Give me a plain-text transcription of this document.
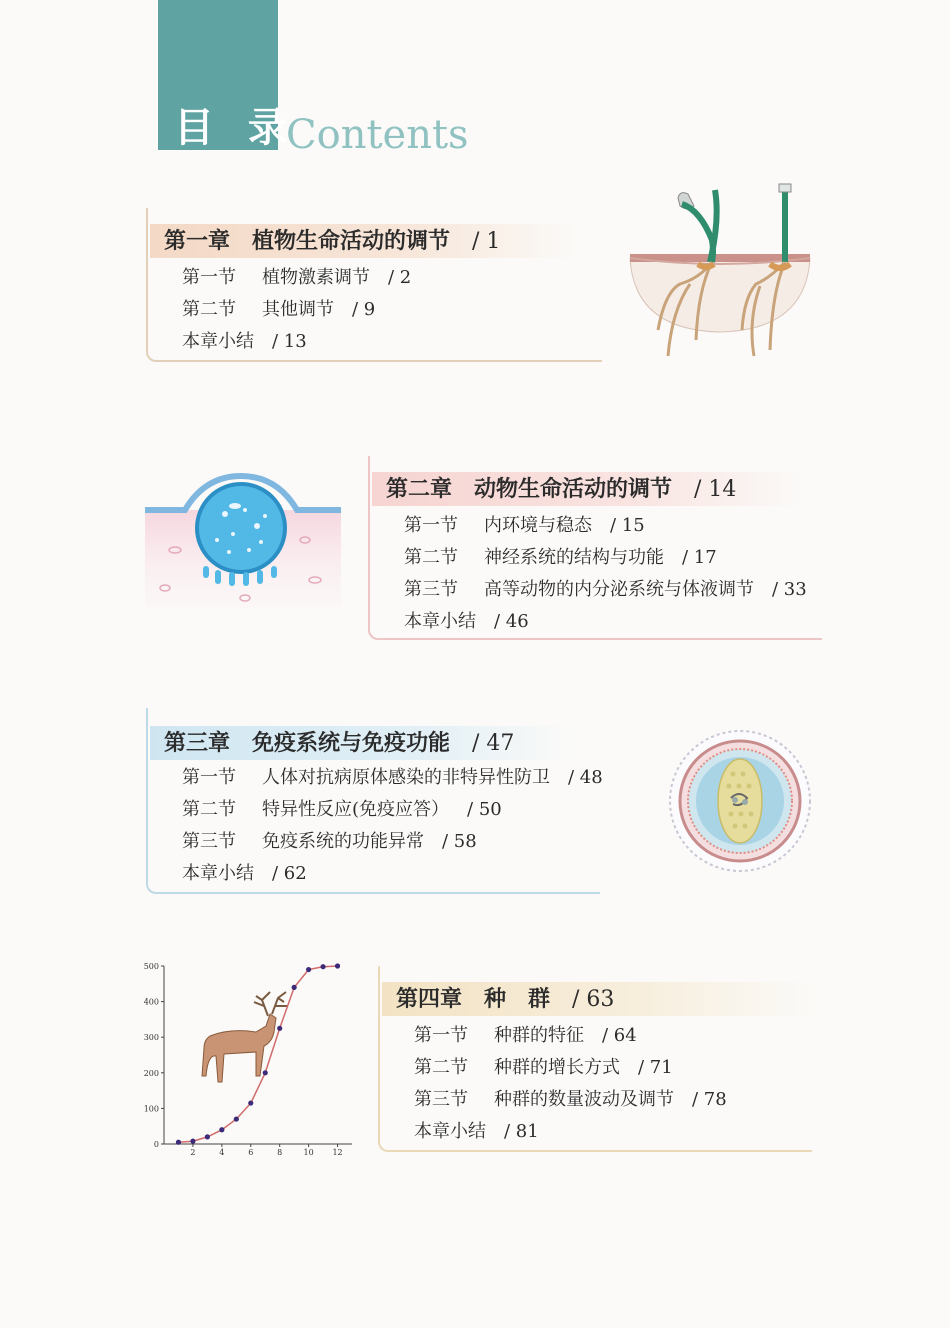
目 录
Contents
第一章　植物生命活动的调节 / 1
第一节 植物激素调节 / 2
第二节 其他调节 / 9
本章小结 / 13
第二章　动物生命活动的调节 / 14
第一节 内环境与稳态 / 15
第二节 神经系统的结构与功能 / 17
第三节 高等动物的内分泌系统与体液调节 / 33
本章小结 / 46
第三章　免疫系统与免疫功能 / 47
第一节 人体对抗病原体感染的非特异性防卫 / 48
第二节 特异性反应(免疫应答） / 50
第三节 免疫系统的功能异常 / 58
本章小结 / 62
第四章　种　群 / 63
第一节 种群的特征 / 64
第二节 种群的增长方式 / 71
第三节 种群的数量波动及调节 / 78
本章小结 / 81
2	4	6	8	10 12
0
100
200
300
400
500
